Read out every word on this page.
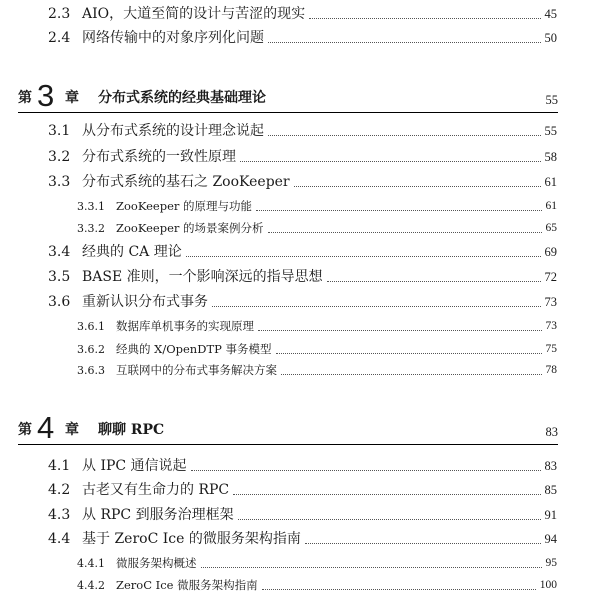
2.3 AIO，大道至简的设计与苦涩的现实	45
2.4 网络传输中的对象序列化问题	50
第 3 章 分布式系统的经典基础理论	55
3.1 从分布式系统的设计理念说起	55
3.2 分布式系统的一致性原理	58
3.3 分布式系统的基石之 ZooKeeper	61
3.3.1 ZooKeeper 的原理与功能	61
3.3.2 ZooKeeper 的场景案例分析	65
3.4 经典的 CA 理论	69
3.5 BASE 准则，一个影响深远的指导思想	72
3.6 重新认识分布式事务	73
3.6.1 数据库单机事务的实现原理	73
3.6.2 经典的 X/OpenDTP 事务模型	75
3.6.3 互联网中的分布式事务解决方案	78
第 4 章 聊聊 RPC	83
4.1 从 IPC 通信说起	83
4.2 古老又有生命力的 RPC	85
4.3 从 RPC 到服务治理框架	91
4.4 基于 ZeroC Ice 的微服务架构指南	94
4.4.1 微服务架构概述	95
4.4.2 ZeroC Ice 微服务架构指南	100
